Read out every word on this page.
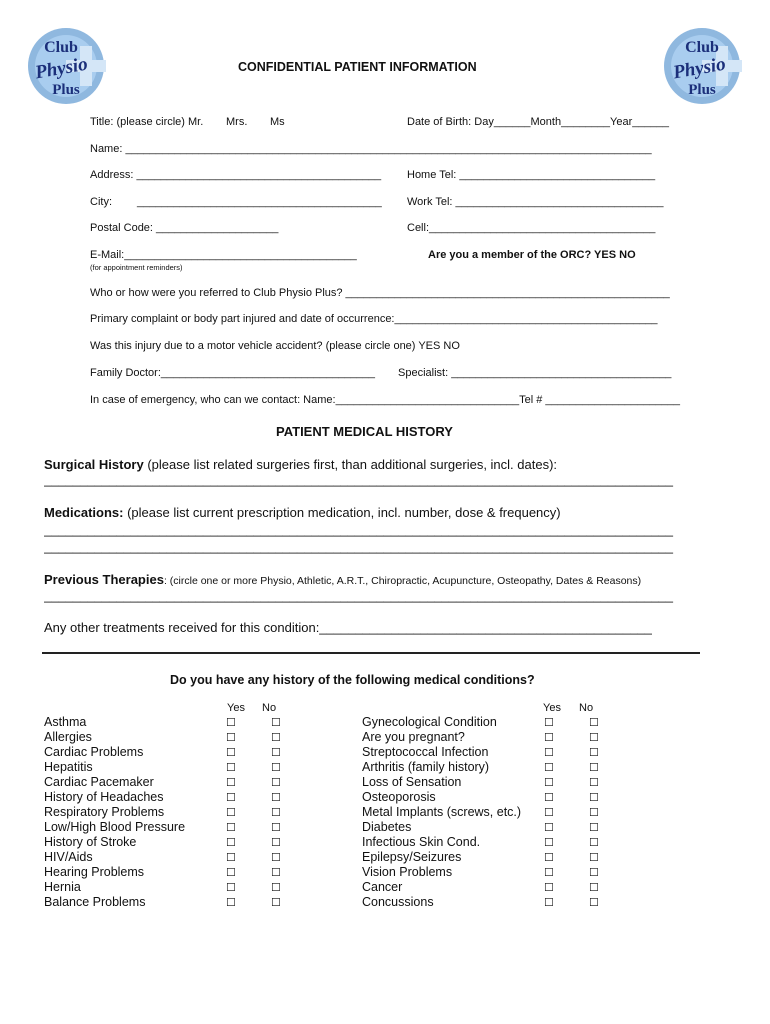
Club
Physio
Plus
Club
Physio
Plus
CONFIDENTIAL PATIENT INFORMATION
Title: (please circle) Mr. Mrs. Ms	Date of Birth: Day______Month________Year______
Name: ______________________________________________________________________________________
Address: ________________________________________ Home Tel: ________________________________
City: ________________________________________ Work Tel: __________________________________
Postal Code: ____________________	Cell:_____________________________________
E-Mail:______________________________________
(for appointment reminders)
Are you a member of the ORC? YES NO
Who or how were you referred to Club Physio Plus? _____________________________________________________
Primary complaint or body part injured and date of occurrence:___________________________________________
Was this injury due to a motor vehicle accident? (please circle one) YES NO
Family Doctor:___________________________________ Specialist: ____________________________________
In case of emergency, who can we contact: Name:______________________________Tel # ______________________
PATIENT MEDICAL HISTORY
Surgical History (please list related surgeries first, than additional surgeries, incl. dates):
_______________________________________________________________________________________
Medications: (please list current prescription medication, incl. number, dose & frequency)
_______________________________________________________________________________________
_______________________________________________________________________________________
Previous Therapies: (circle one or more Physio, Athletic, A.R.T., Chiropractic, Acupuncture, Osteopathy, Dates & Reasons)
_______________________________________________________________________________________
Any other treatments received for this condition:______________________________________________
Do you have any history of the following medical conditions?
Yes No	Yes No
Asthma	☐	☐
Allergies	☐	☐
Cardiac Problems	☐	☐
Hepatitis	☐	☐
Cardiac Pacemaker	☐	☐
History of Headaches	☐	☐
Respiratory Problems	☐	☐
Low/High Blood Pressure	☐	☐
History of Stroke	☐	☐
HIV/Aids	☐	☐
Hearing Problems	☐	☐
Hernia	☐	☐
Balance Problems	☐	☐
Gynecological Condition	☐	☐
Are you pregnant?	☐	☐
Streptococcal Infection	☐	☐
Arthritis (family history)	☐	☐
Loss of Sensation	☐	☐
Osteoporosis	☐	☐
Metal Implants (screws, etc.) ☐	☐
Diabetes	☐	☐
Infectious Skin Cond.	☐	☐
Epilepsy/Seizures	☐	☐
Vision Problems	☐	☐
Cancer	☐	☐
Concussions	☐	☐
